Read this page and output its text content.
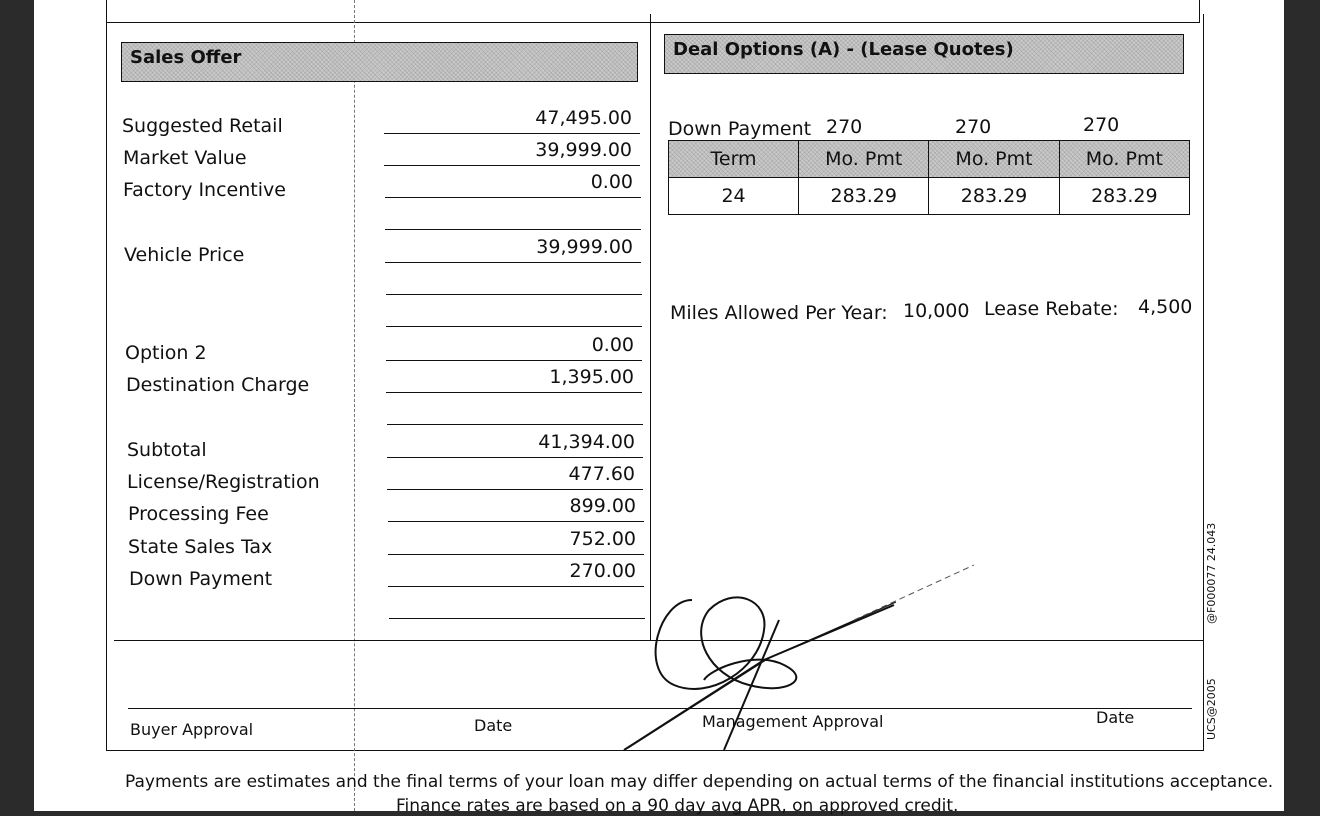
Sales Offer
Suggested Retail	47,495.00
Market Value	39,999.00
Factory Incentive	0.00
Vehicle Price	39,999.00
Option 2	0.00
Destination Charge	1,395.00
Subtotal	41,394.00
License/Registration	477.60
Processing Fee	899.00
State Sales Tax	752.00
Down Payment	270.00
Deal Options (A) - (Lease Quotes)
Down Payment 270	270	270
Term	Mo. Pmt	Mo. Pmt	Mo. Pmt
24	283.29	283.29	283.29
Miles Allowed Per Year: 10,000 Lease Rebate: 4,500
Buyer Approval	Date	Management Approval	Date
@F000077 24.043
UCS@2005
Payments are estimates and the final terms of your loan may differ depending on actual terms of the financial institutions acceptance.
Finance rates are based on a 90 day avg APR, on approved credit.
